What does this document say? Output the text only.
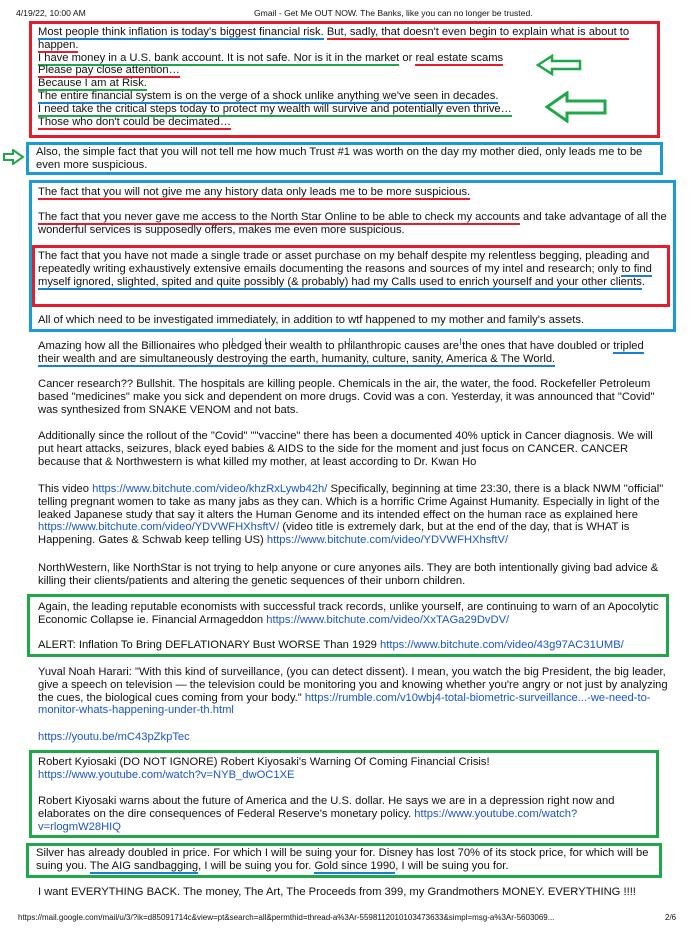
4/19/22, 10:00 AM	Gmail - Get Me OUT NOW. The Banks, like you can no longer be trusted.

Most people think inflation is today's biggest financial risk. But, sadly, that doesn't even begin to explain what is about to happen.

I have money in a U.S. bank account. It is not safe. Nor is it in the market or real estate scams

Please pay close attention…

Because I am at Risk.

The entire financial system is on the verge of a shock unlike anything we've seen in decades.

I need take the critical steps today to protect my wealth will survive and potentially even thrive…

Those who don't could be decimated…

Also, the simple fact that you will not tell me how much Trust #1 was worth on the day my mother died, only leads me to be even more suspicious.

The fact that you will not give me any history data only leads me to be more suspicious.

The fact that you never gave me access to the North Star Online to be able to check my accounts and take advantage of all the wonderful services is supposedly offers, makes me even more suspicious.

The fact that you have not made a single trade or asset purchase on my behalf despite my relentless begging, pleading and repeatedly writing exhaustively extensive emails documenting the reasons and sources of my intel and research; only to find myself ignored, slighted, spited and quite possibly (& probably) had my Calls used to enrich yourself and your other clients.

All of which need to be investigated immediately, in addition to wtf happened to my mother and family's assets.

Amazing how all the Billionaires who pledged their wealth to philanthropic causes are the ones that have doubled or tripled their wealth and are simultaneously destroying the earth, humanity, culture, sanity, America & The World.

Cancer research?? Bullshit. The hospitals are killing people. Chemicals in the air, the water, the food. Rockefeller Petroleum based "medicines" make you sick and dependent on more drugs. Covid was a con. Yesterday, it was announced that "Covid" was synthesized from SNAKE VENOM and not bats.
Additionally since the rollout of the "Covid" ""vaccine" there has been a documented 40% uptick in Cancer diagnosis. We will put heart attacks, seizures, black eyed babies & AIDS to the side for the moment and just focus on CANCER. CANCER because that & Northwestern is what killed my mother, at least according to Dr. Kwan Ho

This video https://www.bitchute.com/video/khzRxLywb42h/ Specifically, beginning at time 23:30, there is a black NWM "official" telling pregnant women to take as many jabs as they can. Which is a horrific Crime Against Humanity. Especially in light of the leaked Japanese study that say it alters the Human Genome and its intended effect on the human race as explained here https://www.bitchute.com/video/YDVWFHXhsftV/ (video title is extremely dark, but at the end of the day, that is WHAT is Happening. Gates & Schwab keep telling US) https://www.bitchute.com/video/YDVWFHXhsftV/

NorthWestern, like NorthStar is not trying to help anyone or cure anyones ails. They are both intentionally giving bad advice & killing their clients/patients and altering the genetic sequences of their unborn children.

Again, the leading reputable economists with successful track records, unlike yourself, are continuing to warn of an Apocolytic Economic Collapse ie. Financial Armageddon https://www.bitchute.com/video/XxTAGa29DvDV/

ALERT: Inflation To Bring DEFLATIONARY Bust WORSE Than 1929 https://www.bitchute.com/video/43g97AC31UMB/

Yuval Noah Harari: "With this kind of surveillance, (you can detect dissent). I mean, you watch the big President, the big leader, give a speech on television — the television could be monitoring you and knowing whether you're angry or not just by analyzing the cues, the biological cues coming from your body." https://rumble.com/v10wbj4-total-biometric-surveillance...-we-need-to-monitor-whats-happening-under-th.html

https://youtu.be/mC43pZkpTec

Robert Kyiosaki (DO NOT IGNORE) Robert Kiyosaki's Warning Of Coming Financial Crisis! https://www.youtube.com/watch?v=NYB_dwOC1XE

Robert Kiyosaki warns about the future of America and the U.S. dollar. He says we are in a depression right now and elaborates on the dire consequences of Federal Reserve's monetary policy. https://www.youtube.com/watch?v=rlogmW28HIQ

Silver has already doubled in price. For which I will be suing your for. Disney has lost 70% of its stock price, for which will be suing you. The AIG sandbagging, I will be suing you for. Gold since 1990, I will be suing you for.

I want EVERYTHING BACK. The money, The Art, The Proceeds from 399, my Grandmothers MONEY. EVERYTHING !!!!
https://mail.google.com/mail/u/3/?ik=d85091714c&view=pt&search=all&permthid=thread-a%3Ar-5598112010103473633&simpl=msg-a%3Ar-5603069...	2/6
